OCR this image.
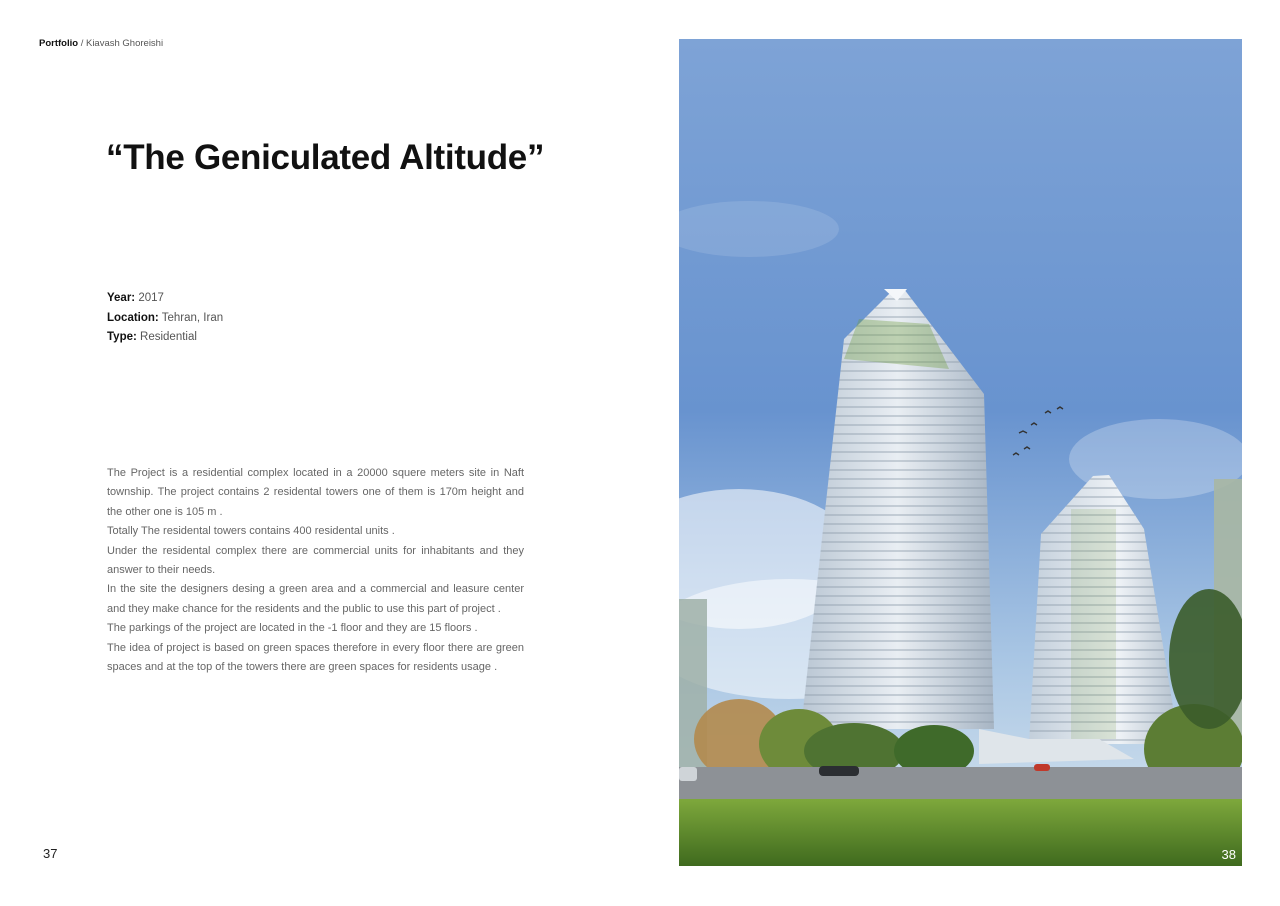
Portfolio / Kiavash Ghoreishi
“The Geniculated Altitude”
Year: 2017
Location: Tehran, Iran
Type: Residential

The Project is a residential complex located in a 20000 squere meters site in Naft township. The project contains 2 residental towers one of them is 170m height and the other one is 105 m .

Totally The residental towers contains 400 residental units .

Under the residental complex there are commercial units for inhabitants and they answer to their needs.

In the site the designers desing a green area and a commercial and leasure center and they make chance for the residents and the public to use this part of project .

The parkings of the project are located in the -1 floor and they are 15 floors .

The idea of project is based on green spaces therefore in every floor there are green spaces and at the top of the towers there are green spaces for residents usage .

37	38
